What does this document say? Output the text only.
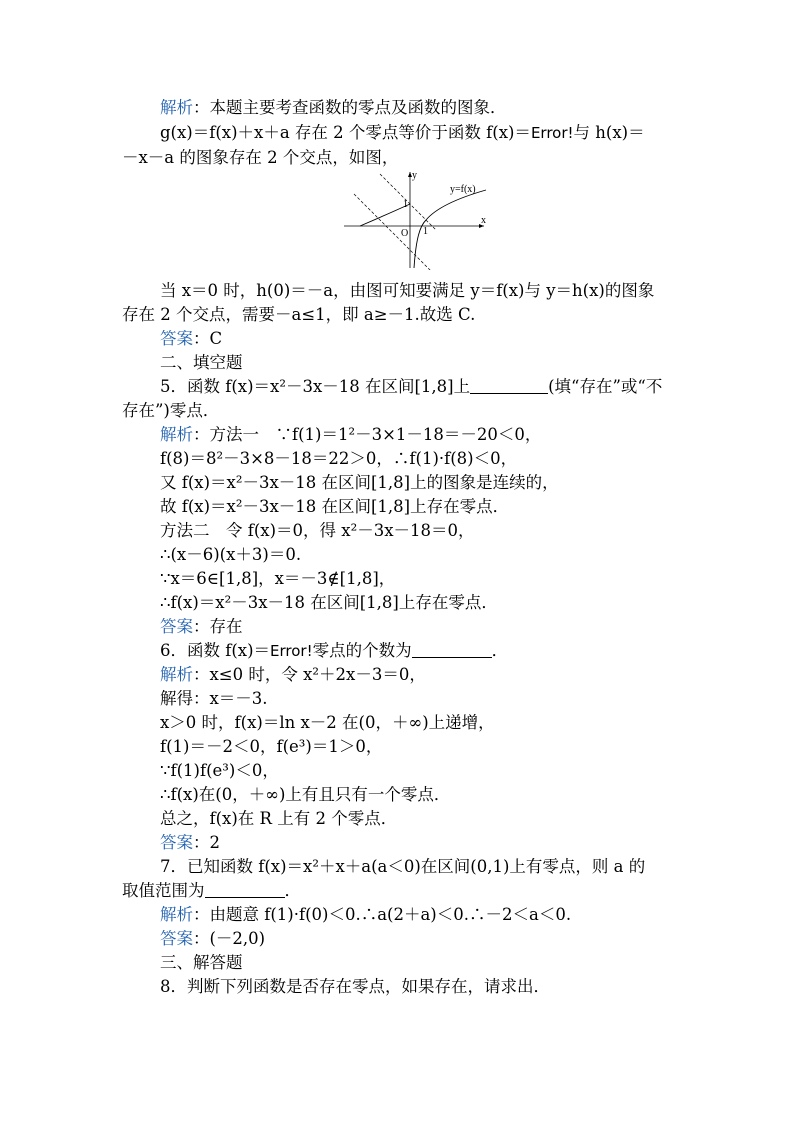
解析：本题主要考查函数的零点及函数的图象．
g(x)＝f(x)＋x＋a 存在 2 个零点等价于函数 f(x)＝Error!与 h(x)＝
－x－a 的图象存在 2 个交点，如图，
y
x
O
1
1
y=f(x)
当 x＝0 时，h(0)＝－a，由图可知要满足 y＝f(x)与 y＝h(x)的图象
存在 2 个交点，需要－a≤1，即 a≥－1.故选 C.
答案：C
二、填空题
5．函数 f(x)＝x²－3x－18 在区间[1,8]上	(填“存在”或“不
存在”)零点．
解析：方法一　∵f(1)＝1²－3×1－18＝－20＜0，
f(8)＝8²－3×8－18＝22＞0，∴f(1)·f(8)＜0，
又 f(x)＝x²－3x－18 在区间[1,8]上的图象是连续的，
故 f(x)＝x²－3x－18 在区间[1,8]上存在零点．
方法二　令 f(x)＝0，得 x²－3x－18＝0，
∴(x－6)(x＋3)＝0.
∵x＝6∈[1,8]，x＝－3∉[1,8]，
∴f(x)＝x²－3x－18 在区间[1,8]上存在零点．
答案：存在
6．函数 f(x)＝Error!零点的个数为	．
解析：x≤0 时，令 x²＋2x－3＝0，
解得：x＝－3.
x＞0 时，f(x)＝ln x－2 在(0，＋∞)上递增，
f(1)＝－2＜0，f(e³)＝1＞0，
∵f(1)f(e³)＜0，
∴f(x)在(0，＋∞)上有且只有一个零点．
总之，f(x)在 R 上有 2 个零点．
答案：2
7．已知函数 f(x)＝x²＋x＋a(a＜0)在区间(0,1)上有零点，则 a 的
取值范围为	．
解析：由题意 f(1)·f(0)＜0.∴a(2＋a)＜0.∴－2＜a＜0.
答案：(－2,0)
三、解答题
8．判断下列函数是否存在零点，如果存在，请求出．
